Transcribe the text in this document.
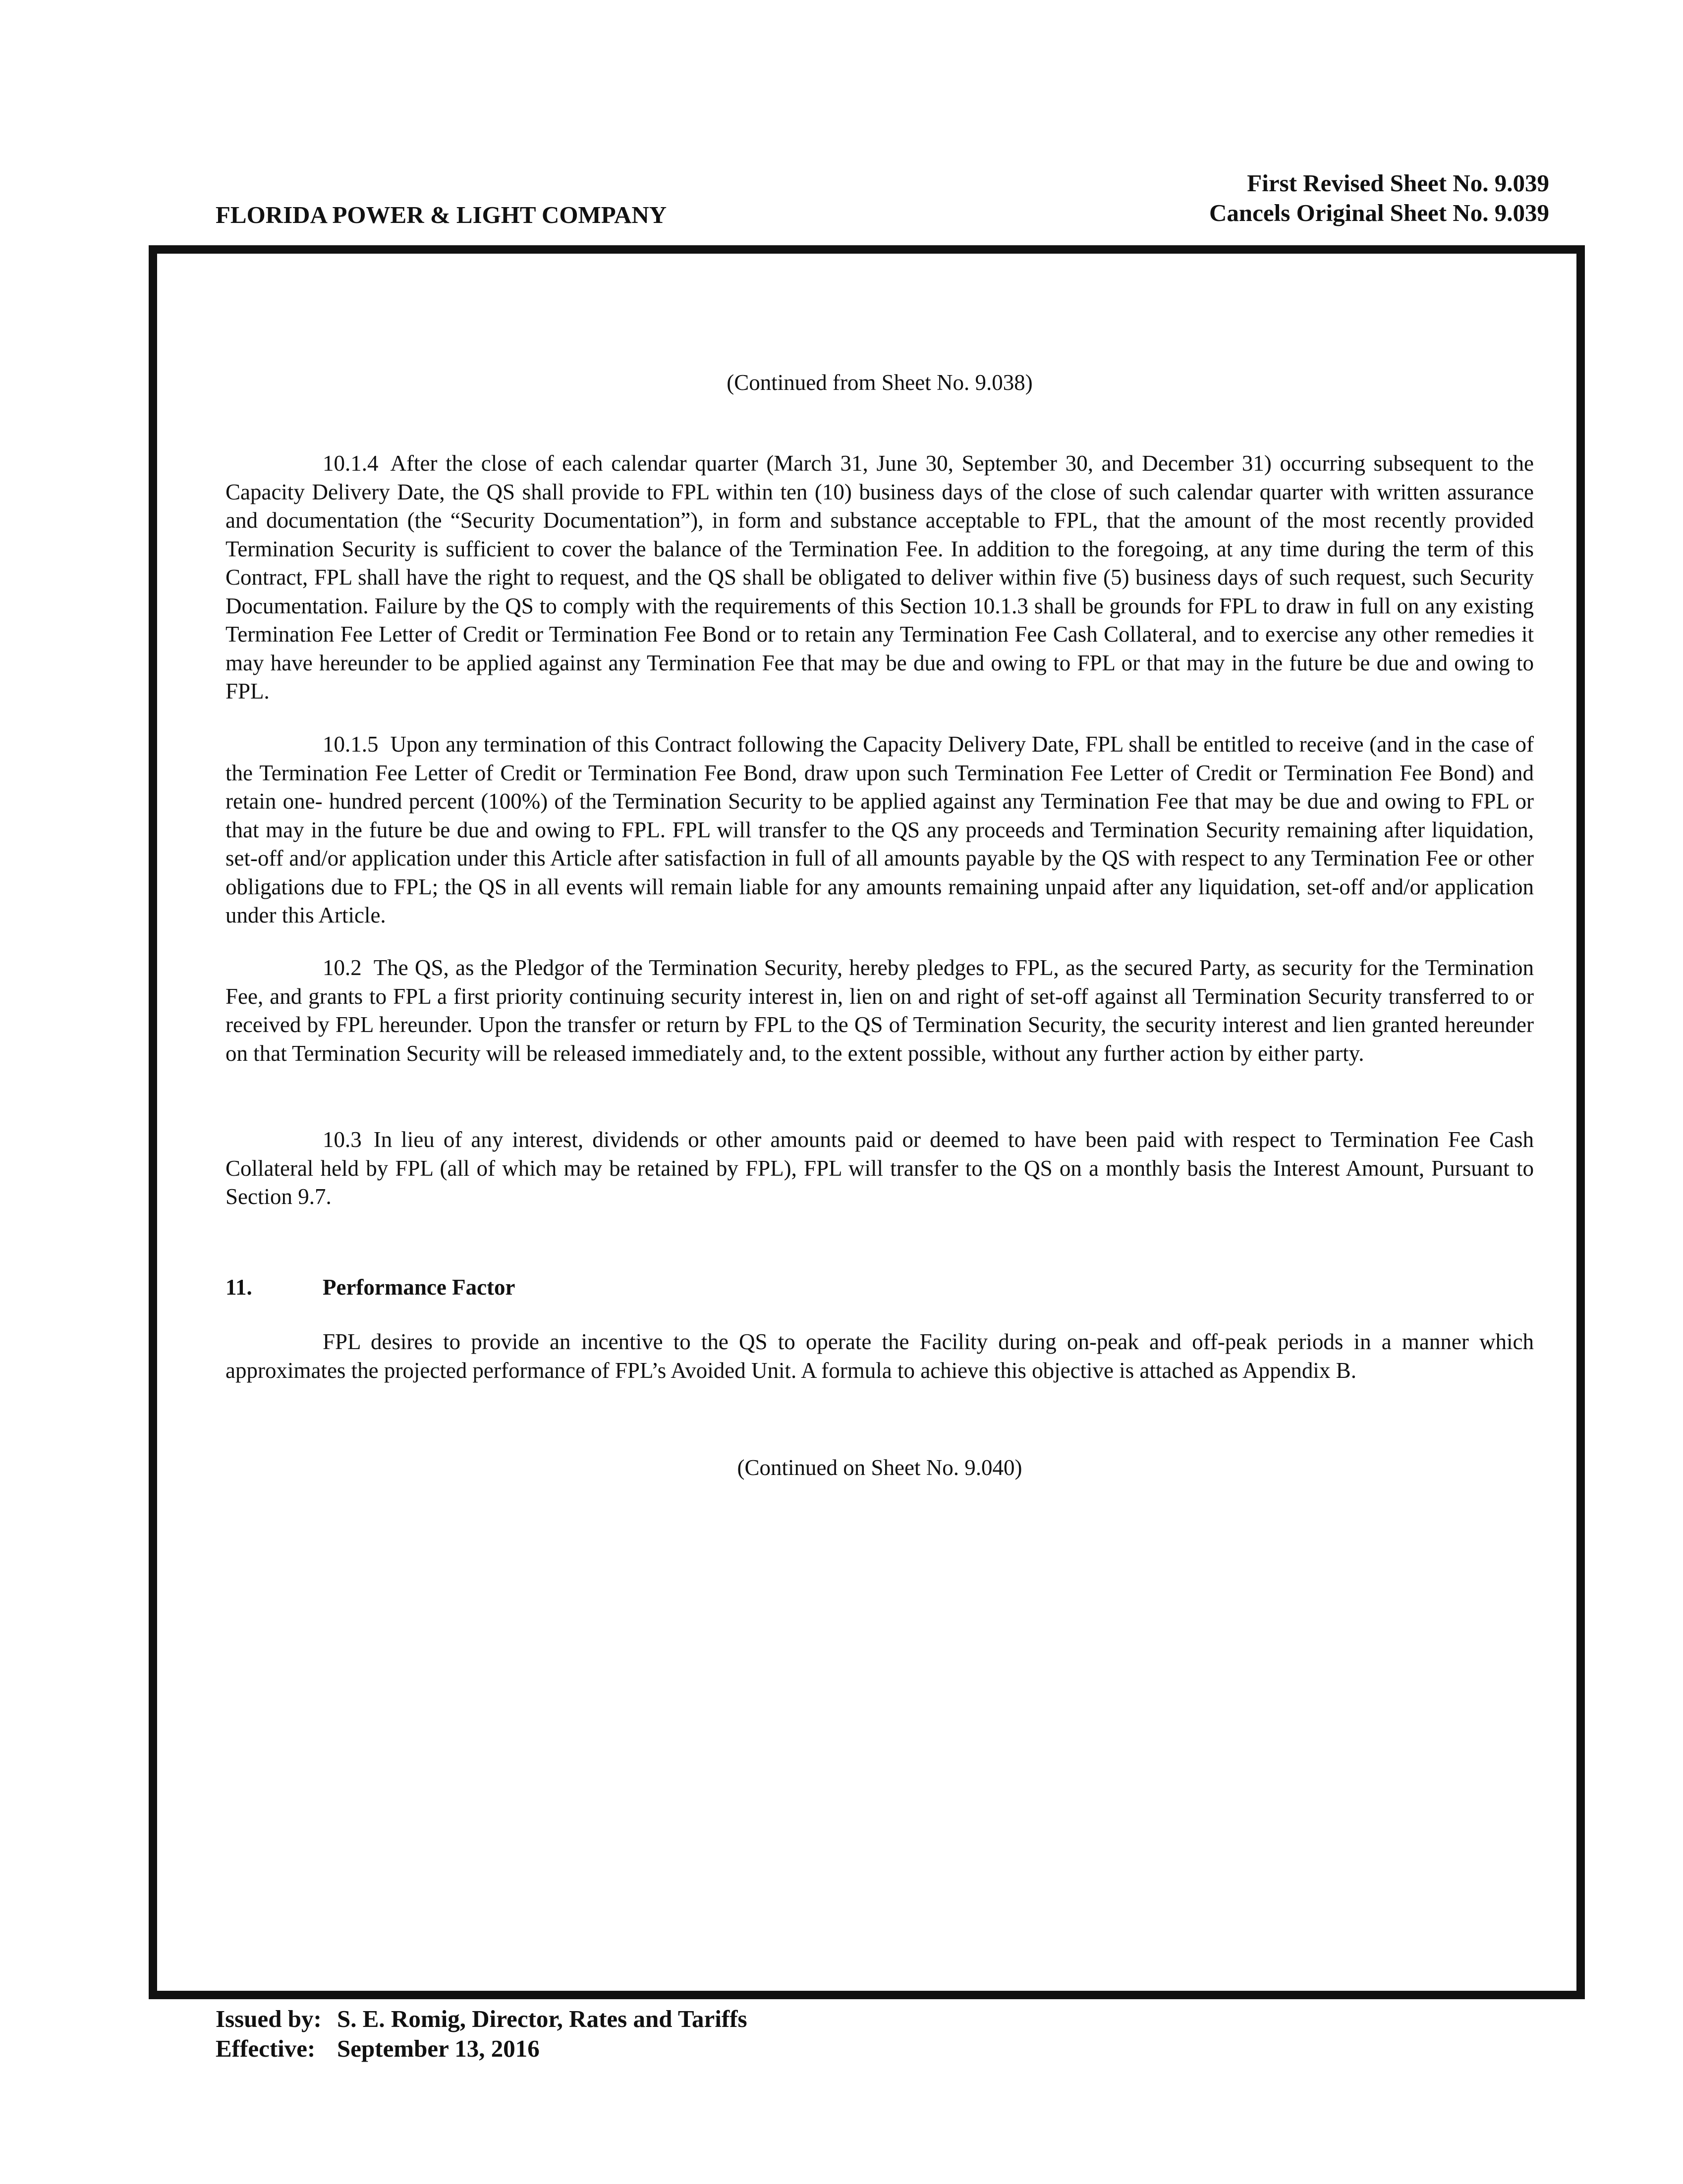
FLORIDA POWER & LIGHT COMPANY
First Revised Sheet No. 9.039
Cancels Original Sheet No. 9.039
(Continued from Sheet No. 9.038)
10.1.4 After the close of each calendar quarter (March 31, June 30, September 30, and December 31) occurring subsequent to the Capacity Delivery Date, the QS shall provide to FPL within ten (10) business days of the close of such calendar quarter with written assurance and documentation (the “Security Documentation”), in form and substance acceptable to FPL, that the amount of the most recently provided Termination Security is sufficient to cover the balance of the Termination Fee. In addition to the foregoing, at any time during the term of this Contract, FPL shall have the right to request, and the QS shall be obligated to deliver within five (5) business days of such request, such Security Documentation. Failure by the QS to comply with the requirements of this Section 10.1.3 shall be grounds for FPL to draw in full on any existing Termination Fee Letter of Credit or Termination Fee Bond or to retain any Termination Fee Cash Collateral, and to exercise any other remedies it may have hereunder to be applied against any Termination Fee that may be due and owing to FPL or that may in the future be due and owing to FPL.
10.1.5 Upon any termination of this Contract following the Capacity Delivery Date, FPL shall be entitled to receive (and in the case of the Termination Fee Letter of Credit or Termination Fee Bond, draw upon such Termination Fee Letter of Credit or Termination Fee Bond) and retain one- hundred percent (100%) of the Termination Security to be applied against any Termination Fee that may be due and owing to FPL or that may in the future be due and owing to FPL. FPL will transfer to the QS any proceeds and Termination Security remaining after liquidation, set-off and/or application under this Article after satisfaction in full of all amounts payable by the QS with respect to any Termination Fee or other obligations due to FPL; the QS in all events will remain liable for any amounts remaining unpaid after any liquidation, set-off and/or application under this Article.
10.2 The QS, as the Pledgor of the Termination Security, hereby pledges to FPL, as the secured Party, as security for the Termination Fee, and grants to FPL a first priority continuing security interest in, lien on and right of set-off against all Termination Security transferred to or received by FPL hereunder. Upon the transfer or return by FPL to the QS of Termination Security, the security interest and lien granted hereunder on that Termination Security will be released immediately and, to the extent possible, without any further action by either party.
10.3 In lieu of any interest, dividends or other amounts paid or deemed to have been paid with respect to Termination Fee Cash Collateral held by FPL (all of which may be retained by FPL), FPL will transfer to the QS on a monthly basis the Interest Amount, Pursuant to Section 9.7.
11.	Performance Factor
FPL desires to provide an incentive to the QS to operate the Facility during on-peak and off-peak periods in a manner which approximates the projected performance of FPL’s Avoided Unit. A formula to achieve this objective is attached as Appendix B.
(Continued on Sheet No. 9.040)
Issued by: S. E. Romig, Director, Rates and Tariffs
Effective: September 13, 2016
